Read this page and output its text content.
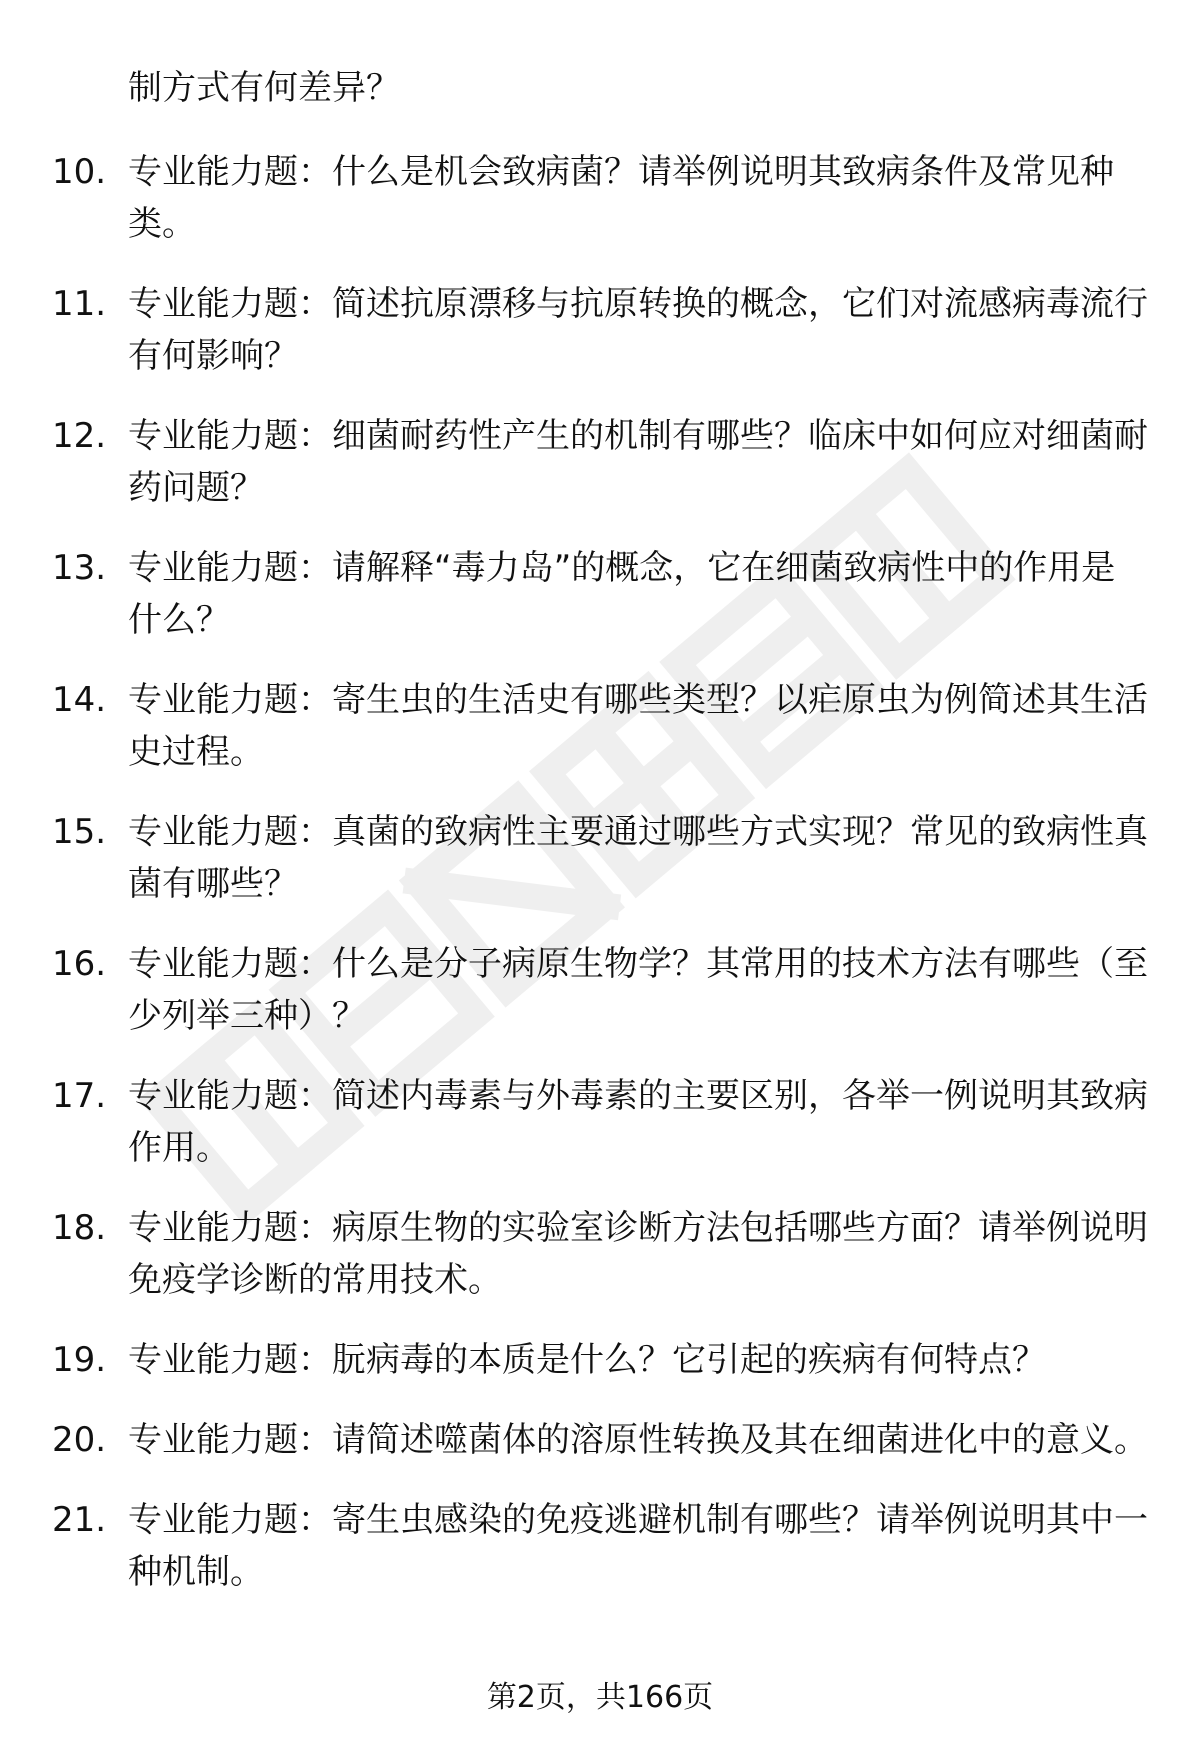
制方式有何差异？
10. 专业能力题：什么是机会致病菌？请举例说明其致病条件及常见种类。
11. 专业能力题：简述抗原漂移与抗原转换的概念，它们对流感病毒流行有何影响？
12. 专业能力题：细菌耐药性产生的机制有哪些？临床中如何应对细菌耐药问题？
13. 专业能力题：请解释“毒力岛”的概念，它在细菌致病性中的作用是什么？
14. 专业能力题：寄生虫的生活史有哪些类型？以疟原虫为例简述其生活史过程。
15. 专业能力题：真菌的致病性主要通过哪些方式实现？常见的致病性真菌有哪些？
16. 专业能力题：什么是分子病原生物学？其常用的技术方法有哪些（至少列举三种）？
17. 专业能力题：简述内毒素与外毒素的主要区别，各举一例说明其致病作用。
18. 专业能力题：病原生物的实验室诊断方法包括哪些方面？请举例说明免疫学诊断的常用技术。
19. 专业能力题：朊病毒的本质是什么？它引起的疾病有何特点？
20. 专业能力题：请简述噬菌体的溶原性转换及其在细菌进化中的意义。
21. 专业能力题：寄生虫感染的免疫逃避机制有哪些？请举例说明其中一种机制。
第2页，共166页
